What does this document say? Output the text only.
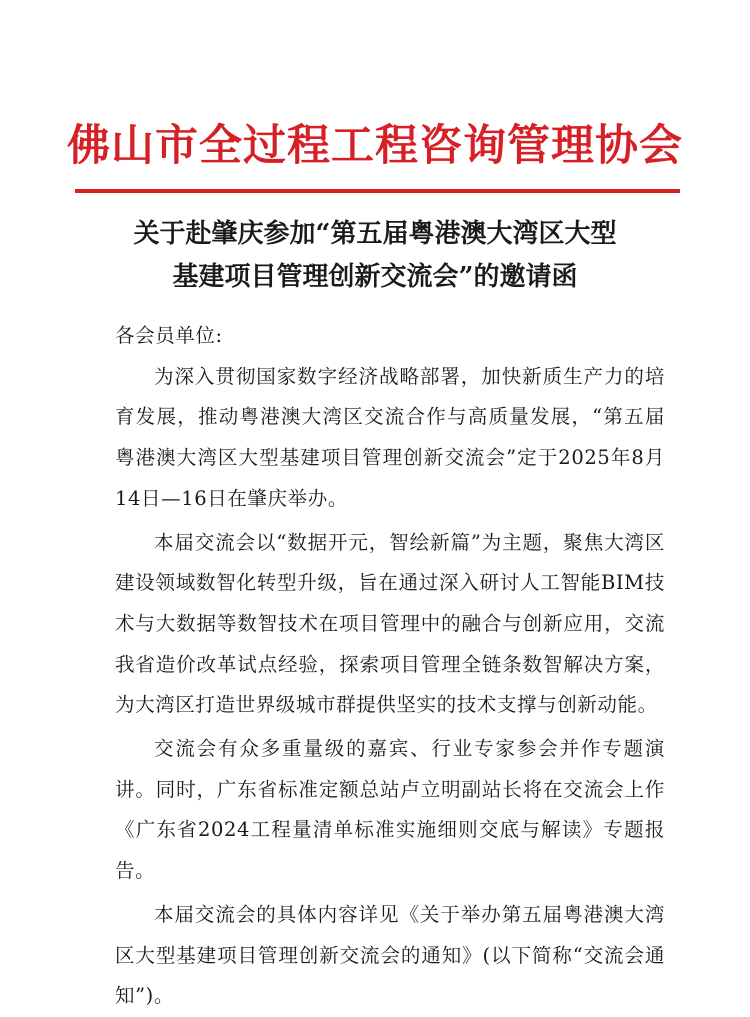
佛山市全过程工程咨询管理协会
关于赴肇庆参加“第五届粤港澳大湾区大型
基建项目管理创新交流会”的邀请函

各会员单位:

为深入贯彻国家数字经济战略部署，加快新质生产力的培育发展，推动粤港澳大湾区交流合作与高质量发展，“第五届粤港澳大湾区大型基建项目管理创新交流会”定于2025年8月14日—16日在肇庆举办。

本届交流会以“数据开元，智绘新篇”为主题，聚焦大湾区建设领域数智化转型升级，旨在通过深入研讨人工智能BIM技术与大数据等数智技术在项目管理中的融合与创新应用，交流我省造价改革试点经验，探索项目管理全链条数智解决方案，为大湾区打造世界级城市群提供坚实的技术支撑与创新动能。

交流会有众多重量级的嘉宾、行业专家参会并作专题演讲。同时，广东省标准定额总站卢立明副站长将在交流会上作《广东省2024工程量清单标准实施细则交底与解读》专题报告。

本届交流会的具体内容详见《关于举办第五届粤港澳大湾区大型基建项目管理创新交流会的通知》(以下简称“交流会通知”)。
